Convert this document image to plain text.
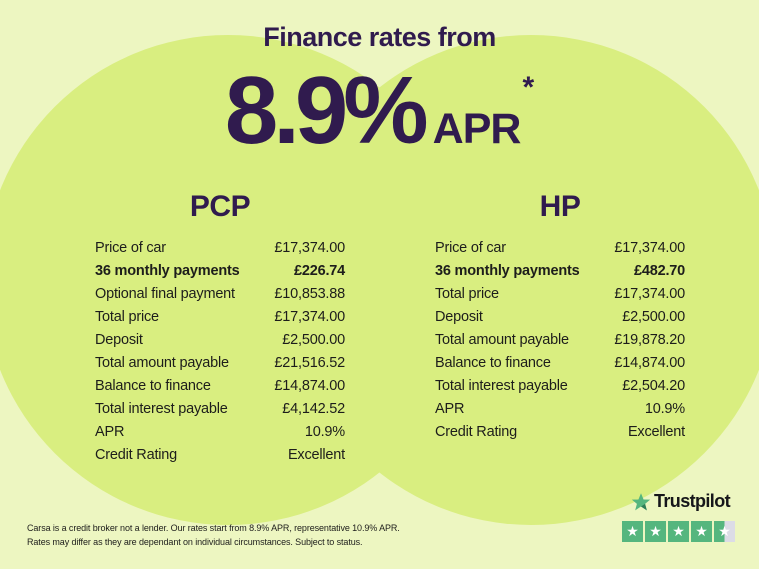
Finance rates from
8.9% APR
*
PCP
Price of car	£17,374.00
36 monthly payments	£226.74
Optional final payment	£10,853.88
Total price	£17,374.00
Deposit	£2,500.00
Total amount payable	£21,516.52
Balance to finance	£14,874.00
Total interest payable	£4,142.52
APR	10.9%
Credit Rating	Excellent
HP
Price of car	£17,374.00
36 monthly payments	£482.70
Total price	£17,374.00
Deposit	£2,500.00
Total amount payable	£19,878.20
Balance to finance	£14,874.00
Total interest payable	£2,504.20
APR	10.9%
Credit Rating	Excellent
Carsa is a credit broker not a lender. Our rates start from 8.9% APR, representative 10.9% APR.
Rates may differ as they are dependant on individual circumstances. Subject to status.
Trustpilot
★ ★ ★ ★ ★
